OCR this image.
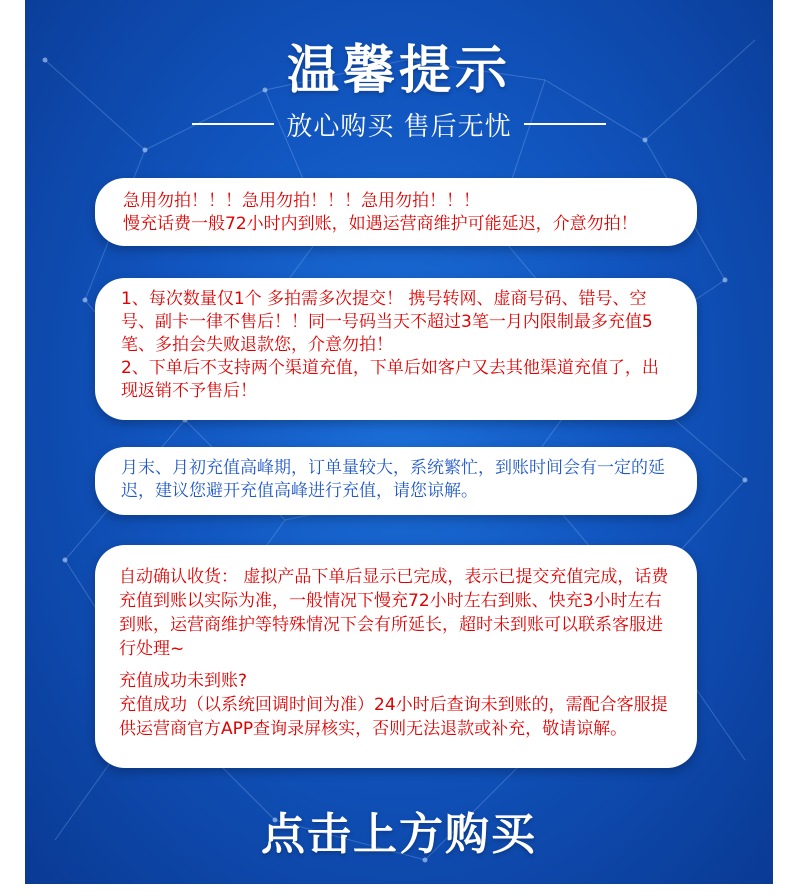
温馨提示
放心购买 售后无忧
急用勿拍！！！急用勿拍！！！急用勿拍！！！
慢充话费一般72小时内到账，如遇运营商维护可能延迟，介意勿拍！
1、每次数量仅1个 多拍需多次提交！ 携号转网、虚商号码、错号、空号、副卡一律不售后！！同一号码当天不超过3笔一月内限制最多充值5笔、多拍会失败退款您，介意勿拍！
2、下单后不支持两个渠道充值，下单后如客户又去其他渠道充值了，出现返销不予售后！
月末、月初充值高峰期，订单量较大，系统繁忙，到账时间会有一定的延迟，建议您避开充值高峰进行充值，请您谅解。
自动确认收货： 虚拟产品下单后显示已完成，表示已提交充值完成，话费充值到账以实际为准，一般情况下慢充72小时左右到账、快充3小时左右到账，运营商维护等特殊情况下会有所延长，超时未到账可以联系客服进行处理~
充值成功未到账?
充值成功（以系统回调时间为准）24小时后查询未到账的，需配合客服提供运营商官方APP查询录屏核实，否则无法退款或补充，敬请谅解。
点击上方购买
